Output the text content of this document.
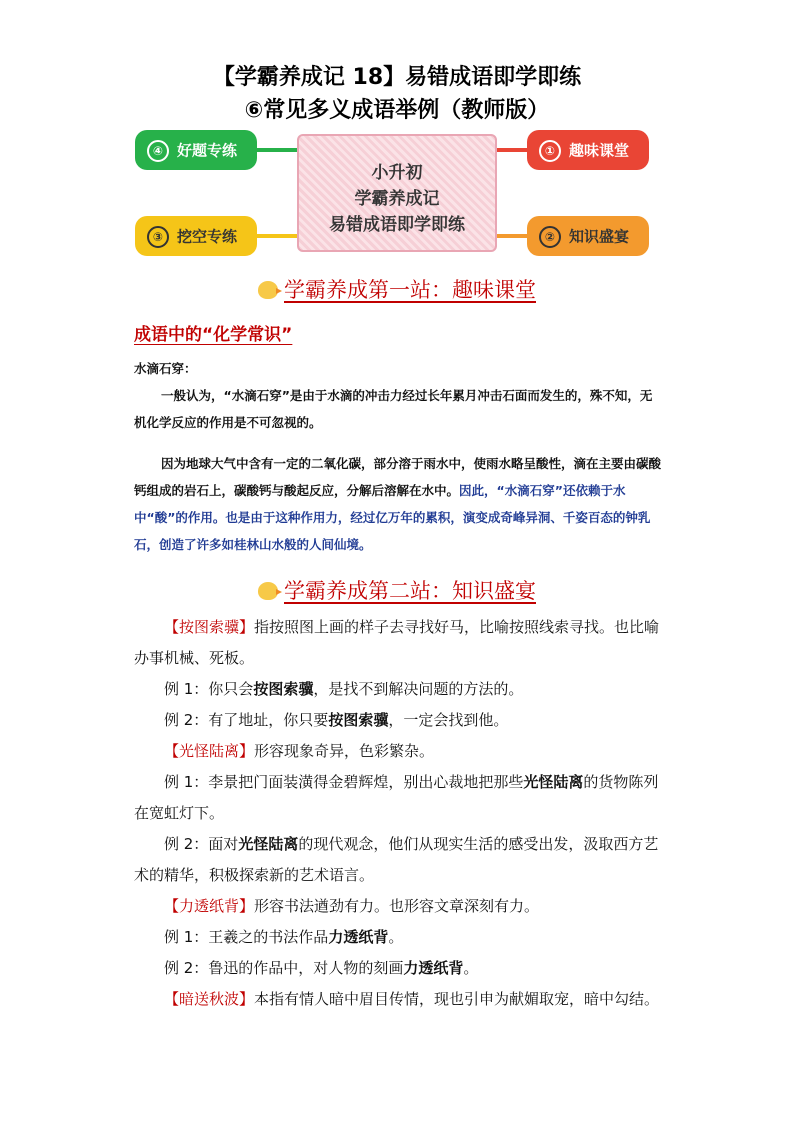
【学霸养成记 18】易错成语即学即练
⑥常见多义成语举例（教师版）
小升初
学霸养成记
易错成语即学即练
④ 好题专练	① 趣味课堂
③ 挖空专练	② 知识盛宴
学霸养成第一站：趣味课堂
成语中的“化学常识”
水滴石穿：
一般认为，“水滴石穿”是由于水滴的冲击力经过长年累月冲击石面而发生的，殊不知，无机化学反应的作用是不可忽视的。
因为地球大气中含有一定的二氧化碳，部分溶于雨水中，使雨水略呈酸性，滴在主要由碳酸钙组成的岩石上，碳酸钙与酸起反应，分解后溶解在水中。因此，“水滴石穿”还依赖于水中“酸”的作用。也是由于这种作用力，经过亿万年的累积，演变成奇峰异洞、千姿百态的钟乳石，创造了许多如桂林山水般的人间仙境。
学霸养成第二站：知识盛宴

【按图索骥】指按照图上画的样子去寻找好马，比喻按照线索寻找。也比喻办事机械、死板。

例 1：你只会按图索骥，是找不到解决问题的方法的。

例 2：有了地址，你只要按图索骥，一定会找到他。

【光怪陆离】形容现象奇异，色彩繁杂。

例 1：李景把门面装潢得金碧辉煌，别出心裁地把那些光怪陆离的货物陈列在宽虹灯下。

例 2：面对光怪陆离的现代观念，他们从现实生活的感受出发，汲取西方艺术的精华，积极探索新的艺术语言。

【力透纸背】形容书法遒劲有力。也形容文章深刻有力。

例 1：王羲之的书法作品力透纸背。

例 2：鲁迅的作品中，对人物的刻画力透纸背。

【暗送秋波】本指有情人暗中眉目传情，现也引申为献媚取宠，暗中勾结。
